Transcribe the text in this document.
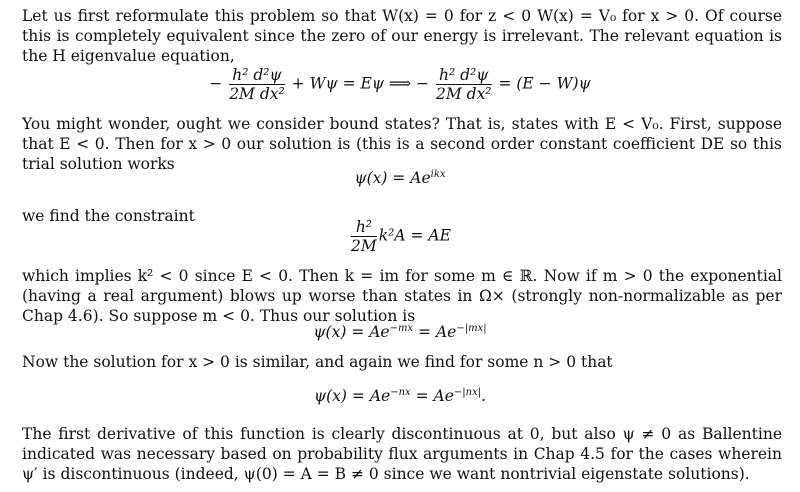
Let us first reformulate this problem so that W(x) = 0 for z < 0 W(x) = V₀ for x > 0. Of course this is completely equivalent since the zero of our energy is irrelevant. The relevant equation is the H eigenvalue equation,
− $\frac{\text{h² d²ψ}}{\text{2M dx²}} + W\psi = E\psi$ ⟹ − $\frac{\text{h² d²ψ}}{\text{2M dx²}} = (E - W)\psi$
You might wonder, ought we consider bound states? That is, states with E < V₀. First, suppose that E < 0. Then for x > 0 our solution is (this is a second order constant coefficient DE so this trial solution works
$\psi(x) = Ae^{ikx}$
we find the constraint
$\frac{\text{h²}}{2M} k^2A$ = AE
which implies k² < 0 since E < 0. Then k = im for some m ∈ ℝ. Now if m > 0 the exponential (having a real argument) blows up worse than states in Ω× (strongly non-normalizable as per Chap 4.6). So suppose m < 0. Thus our solution is
$\psi(x) = Ae^{-mx} = Ae^{-|mx|}$
Now the solution for x > 0 is similar, and again we find for some n > 0 that
$\psi(x) = Ae^{-nx} = Ae^{-|nx|}$.
The first derivative of this function is clearly discontinuous at 0, but also ψ ≠ 0 as Ballentine indicated was necessary based on probability flux arguments in Chap 4.5 for the cases wherein ψ′ is discontinuous (indeed, ψ(0) = A = B ≠ 0 since we want nontrivial eigenstate solutions).
